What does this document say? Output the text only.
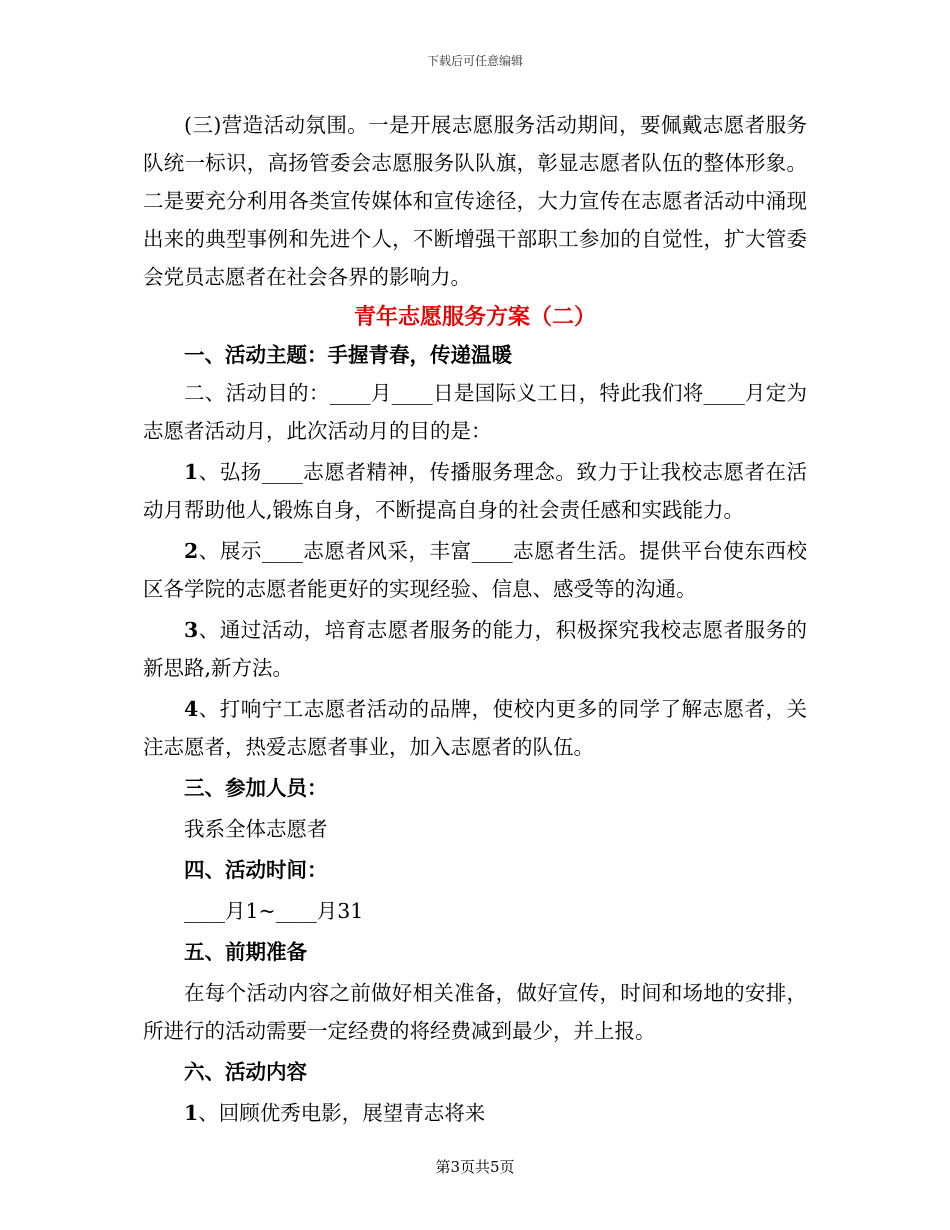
下载后可任意编辑

(三)营造活动氛围。一是开展志愿服务活动期间，要佩戴志愿者服务队统一标识，高扬管委会志愿服务队队旗，彰显志愿者队伍的整体形象。二是要充分利用各类宣传媒体和宣传途径，大力宣传在志愿者活动中涌现出来的典型事例和先进个人，不断增强干部职工参加的自觉性，扩大管委会党员志愿者在社会各界的影响力。

青年志愿服务方案（二）

一、活动主题：手握青春，传递温暖

二、活动目的：____月____日是国际义工日，特此我们将____月定为志愿者活动月，此次活动月的目的是：

1、弘扬____志愿者精神，传播服务理念。致力于让我校志愿者在活动月帮助他人,锻炼自身，不断提高自身的社会责任感和实践能力。

2、展示____志愿者风采，丰富____志愿者生活。提供平台使东西校区各学院的志愿者能更好的实现经验、信息、感受等的沟通。

3、通过活动，培育志愿者服务的能力，积极探究我校志愿者服务的新思路,新方法。

4、打响宁工志愿者活动的品牌，使校内更多的同学了解志愿者，关注志愿者，热爱志愿者事业，加入志愿者的队伍。

三、参加人员：

我系全体志愿者

四、活动时间：

____月1~____月31

五、前期准备

在每个活动内容之前做好相关准备，做好宣传，时间和场地的安排，所进行的活动需要一定经费的将经费减到最少，并上报。

六、活动内容

1、回顾优秀电影，展望青志将来

第3页共5页
